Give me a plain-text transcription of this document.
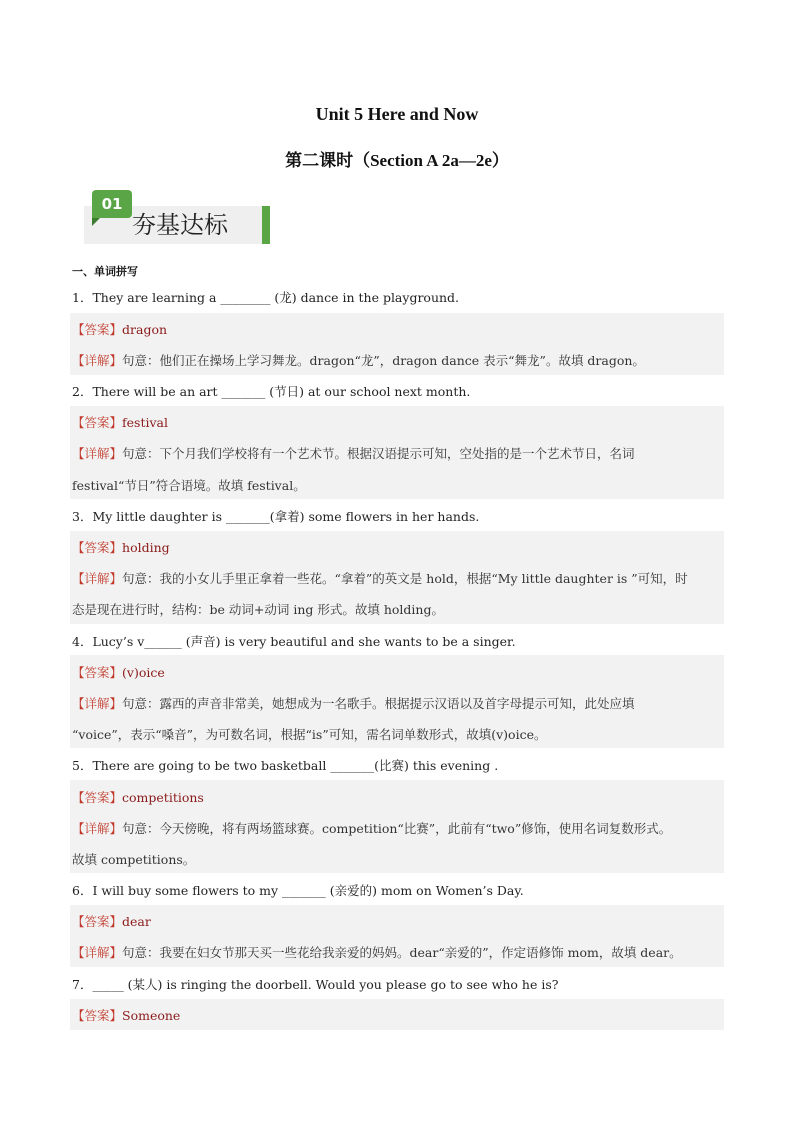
Unit 5 Here and Now
第二课时（Section A 2a—2e）
01
夯基达标
一、单词拼写
1．They are learning a ________ (龙) dance in the playground.
【答案】dragon
【详解】句意：他们正在操场上学习舞龙。dragon“龙”，dragon dance 表示“舞龙”。故填 dragon。
2．There will be an art _______ (节日) at our school next month.
【答案】festival
【详解】句意：下个月我们学校将有一个艺术节。根据汉语提示可知，空处指的是一个艺术节日，名词
festival“节日”符合语境。故填 festival。
3．My little daughter is _______(拿着) some flowers in her hands.
【答案】holding
【详解】句意：我的小女儿手里正拿着一些花。“拿着”的英文是 hold，根据“My little daughter is ”可知，时
态是现在进行时，结构：be 动词+动词 ing 形式。故填 holding。
4．Lucy’s v______ (声音) is very beautiful and she wants to be a singer.
【答案】(v)oice
【详解】句意：露西的声音非常美，她想成为一名歌手。根据提示汉语以及首字母提示可知，此处应填
“voice”，表示“嗓音”，为可数名词，根据“is”可知，需名词单数形式，故填(v)oice。
5．There are going to be two basketball _______(比赛) this evening .
【答案】competitions
【详解】句意：今天傍晚，将有两场篮球赛。competition“比赛”，此前有“two”修饰，使用名词复数形式。
故填 competitions。
6．I will buy some flowers to my _______ (亲爱的) mom on Women’s Day.
【答案】dear
【详解】句意：我要在妇女节那天买一些花给我亲爱的妈妈。dear“亲爱的”，作定语修饰 mom，故填 dear。
7．_____ (某人) is ringing the doorbell. Would you please go to see who he is?
【答案】Someone
